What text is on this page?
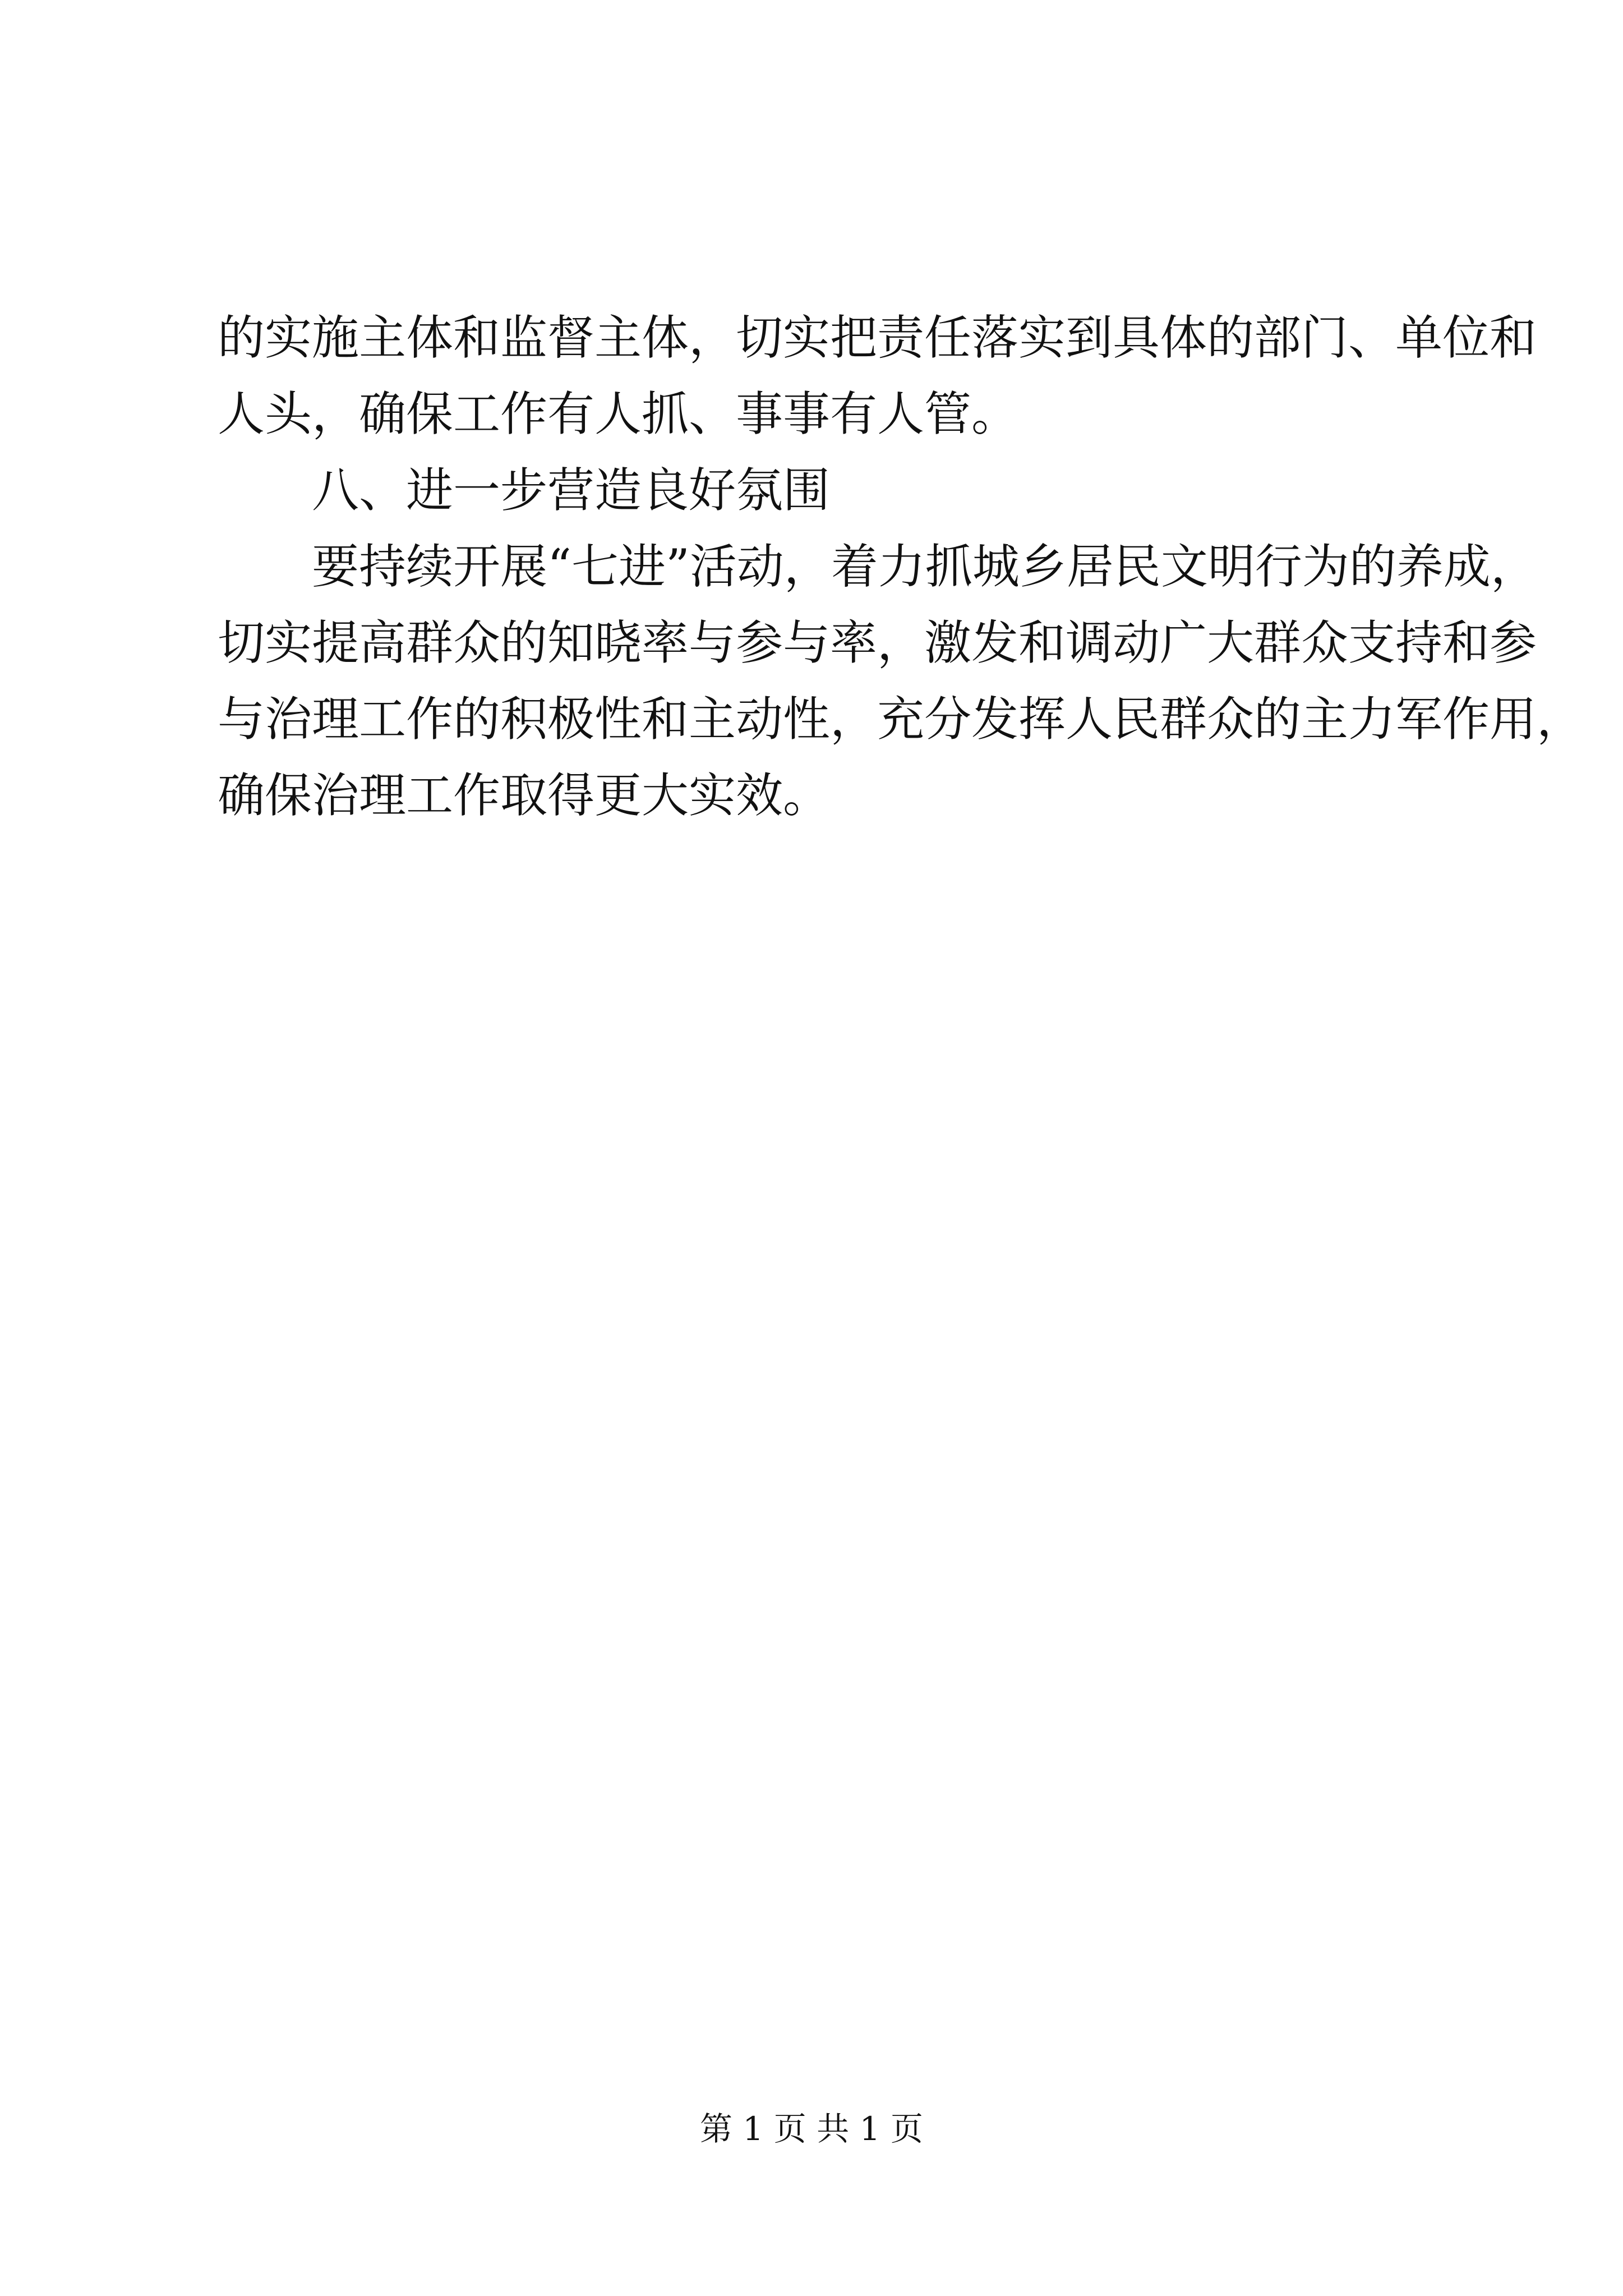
的实施主体和监督主体，切实把责任落实到具体的部门、单位和
人头，确保工作有人抓、事事有人管。
八、进一步营造良好氛围
要持续开展“七进”活动，着力抓城乡居民文明行为的养成，
切实提高群众的知晓率与参与率，激发和调动广大群众支持和参
与治理工作的积极性和主动性，充分发挥人民群众的主力军作用，
确保治理工作取得更大实效。
第 1 页 共 1 页
